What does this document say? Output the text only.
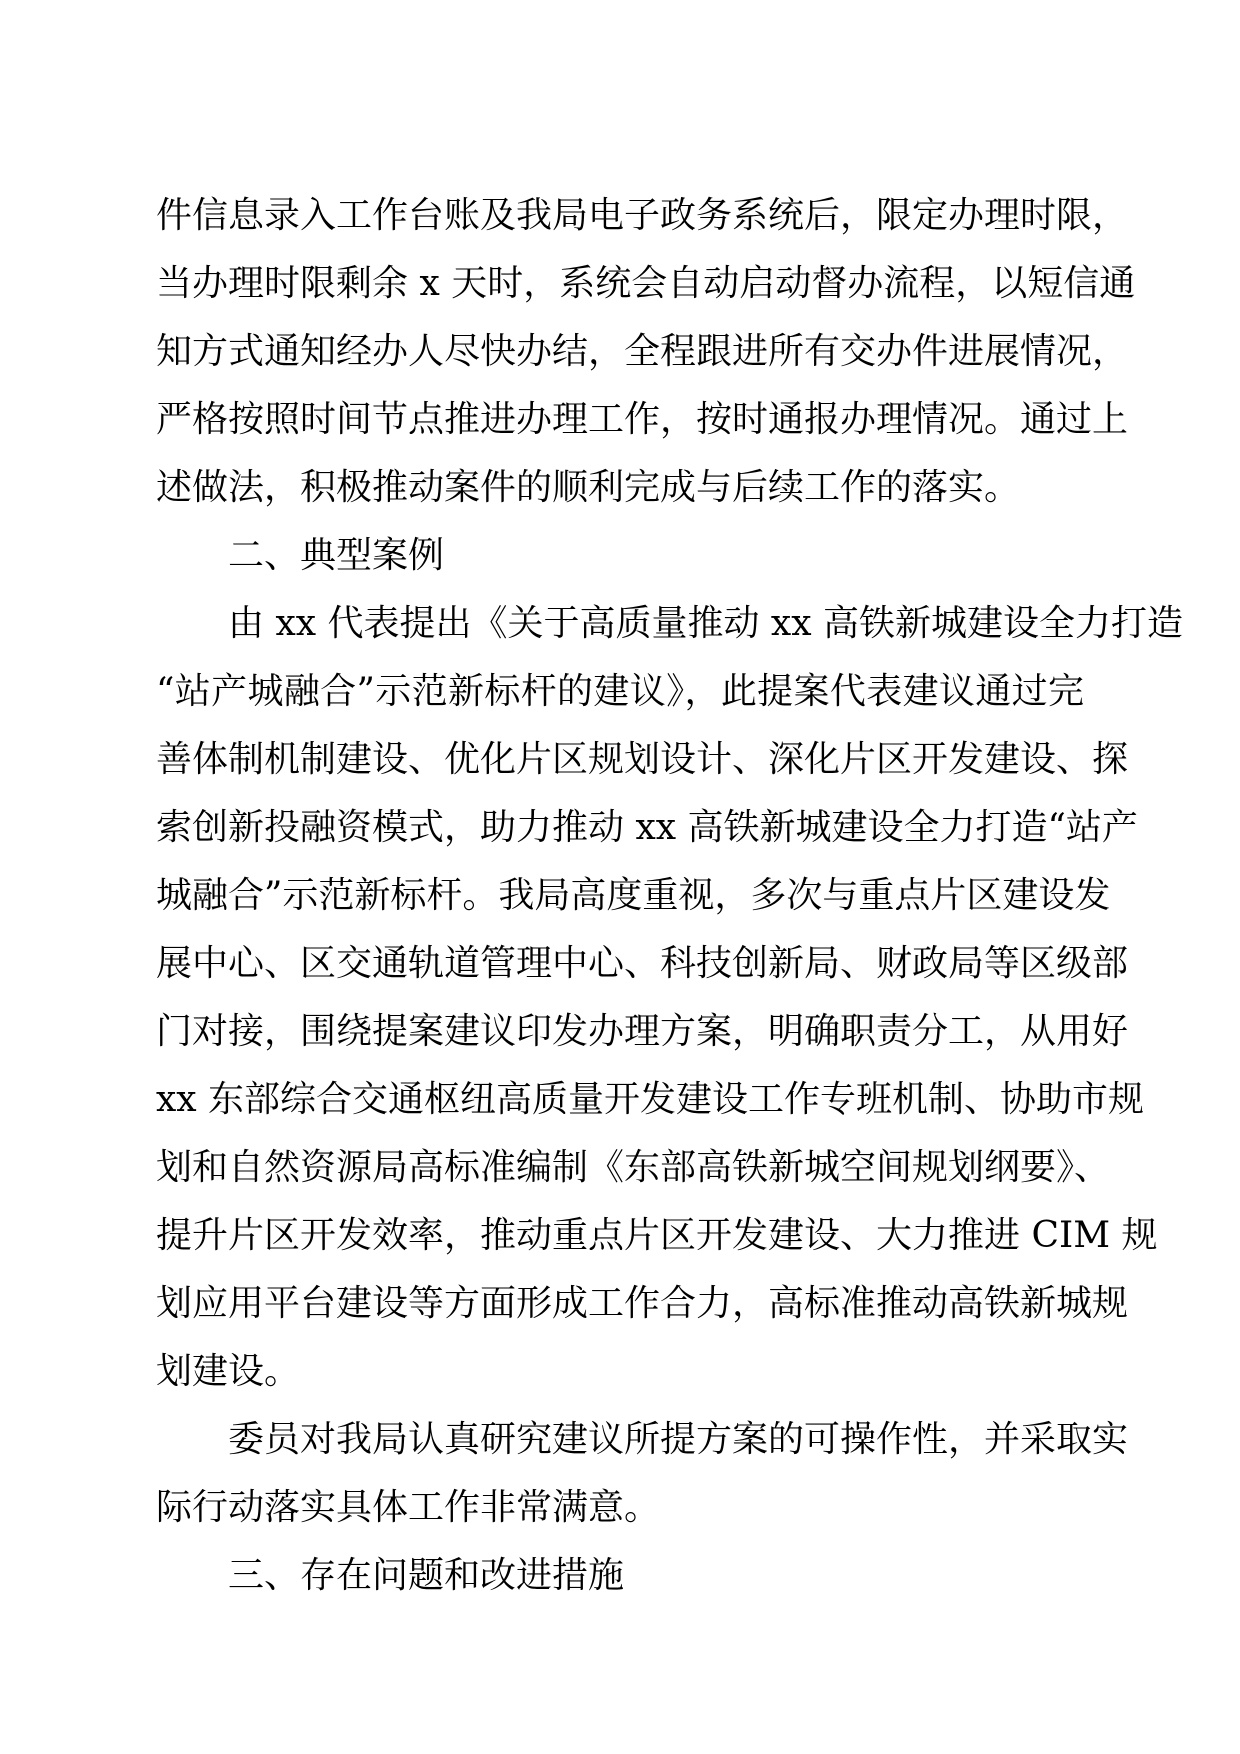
件信息录入工作台账及我局电子政务系统后，限定办理时限，
当办理时限剩余 x 天时，系统会自动启动督办流程，以短信通
知方式通知经办人尽快办结，全程跟进所有交办件进展情况，
严格按照时间节点推进办理工作，按时通报办理情况。通过上
述做法，积极推动案件的顺利完成与后续工作的落实。
二、典型案例
由 xx 代表提出《关于高质量推动 xx 高铁新城建设全力打造
“站产城融合”示范新标杆的建议》，此提案代表建议通过完
善体制机制建设、优化片区规划设计、深化片区开发建设、探
索创新投融资模式，助力推动 xx 高铁新城建设全力打造“站产
城融合”示范新标杆。我局高度重视，多次与重点片区建设发
展中心、区交通轨道管理中心、科技创新局、财政局等区级部
门对接，围绕提案建议印发办理方案，明确职责分工，从用好
xx 东部综合交通枢纽高质量开发建设工作专班机制、协助市规
划和自然资源局高标准编制《东部高铁新城空间规划纲要》、
提升片区开发效率，推动重点片区开发建设、大力推进 CIM 规
划应用平台建设等方面形成工作合力，高标准推动高铁新城规
划建设。
委员对我局认真研究建议所提方案的可操作性，并采取实
际行动落实具体工作非常满意。
三、存在问题和改进措施
